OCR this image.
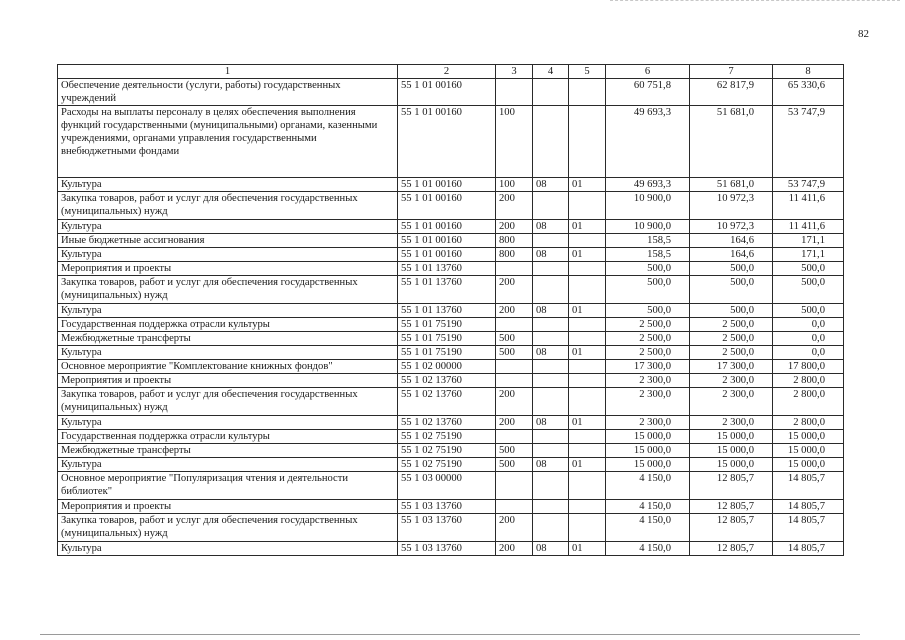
82
1	2	3	4	5	6	7	8
Обеспечение деятельности (услуги, работы) государственных учреждений	55 1 01 00160				60 751,8	62 817,9	65 330,6
Расходы на выплаты персоналу в целях обеспечения выполнения функций государственными (муниципальными) органами, казенными учреждениями, органами управления государственными внебюджетными фондами	55 1 01 00160	100			49 693,3	51 681,0	53 747,9
Культура	55 1 01 00160	100	08	01	49 693,3	51 681,0	53 747,9
Закупка товаров, работ и услуг для обеспечения государственных (муниципальных) нужд	55 1 01 00160	200			10 900,0	10 972,3	11 411,6
Культура	55 1 01 00160	200	08	01	10 900,0	10 972,3	11 411,6
Иные бюджетные ассигнования	55 1 01 00160	800			158,5	164,6	171,1
Культура	55 1 01 00160	800	08	01	158,5	164,6	171,1
Мероприятия и проекты	55 1 01 13760				500,0	500,0	500,0
Закупка товаров, работ и услуг для обеспечения государственных (муниципальных) нужд	55 1 01 13760	200			500,0	500,0	500,0
Культура	55 1 01 13760	200	08	01	500,0	500,0	500,0
Государственная поддержка отрасли культуры	55 1 01 75190				2 500,0	2 500,0	0,0
Межбюджетные трансферты	55 1 01 75190	500			2 500,0	2 500,0	0,0
Культура	55 1 01 75190	500	08	01	2 500,0	2 500,0	0,0
Основное мероприятие "Комплектование книжных фондов"	55 1 02 00000				17 300,0	17 300,0	17 800,0
Мероприятия и проекты	55 1 02 13760				2 300,0	2 300,0	2 800,0
Закупка товаров, работ и услуг для обеспечения государственных (муниципальных) нужд	55 1 02 13760	200			2 300,0	2 300,0	2 800,0
Культура	55 1 02 13760	200	08	01	2 300,0	2 300,0	2 800,0
Государственная поддержка отрасли культуры	55 1 02 75190				15 000,0	15 000,0	15 000,0
Межбюджетные трансферты	55 1 02 75190	500			15 000,0	15 000,0	15 000,0
Культура	55 1 02 75190	500	08	01	15 000,0	15 000,0	15 000,0
Основное мероприятие "Популяризация чтения и деятельности библиотек"	55 1 03 00000				4 150,0	12 805,7	14 805,7
Мероприятия и проекты	55 1 03 13760				4 150,0	12 805,7	14 805,7
Закупка товаров, работ и услуг для обеспечения государственных (муниципальных) нужд	55 1 03 13760	200			4 150,0	12 805,7	14 805,7
Культура	55 1 03 13760	200	08	01	4 150,0	12 805,7	14 805,7
